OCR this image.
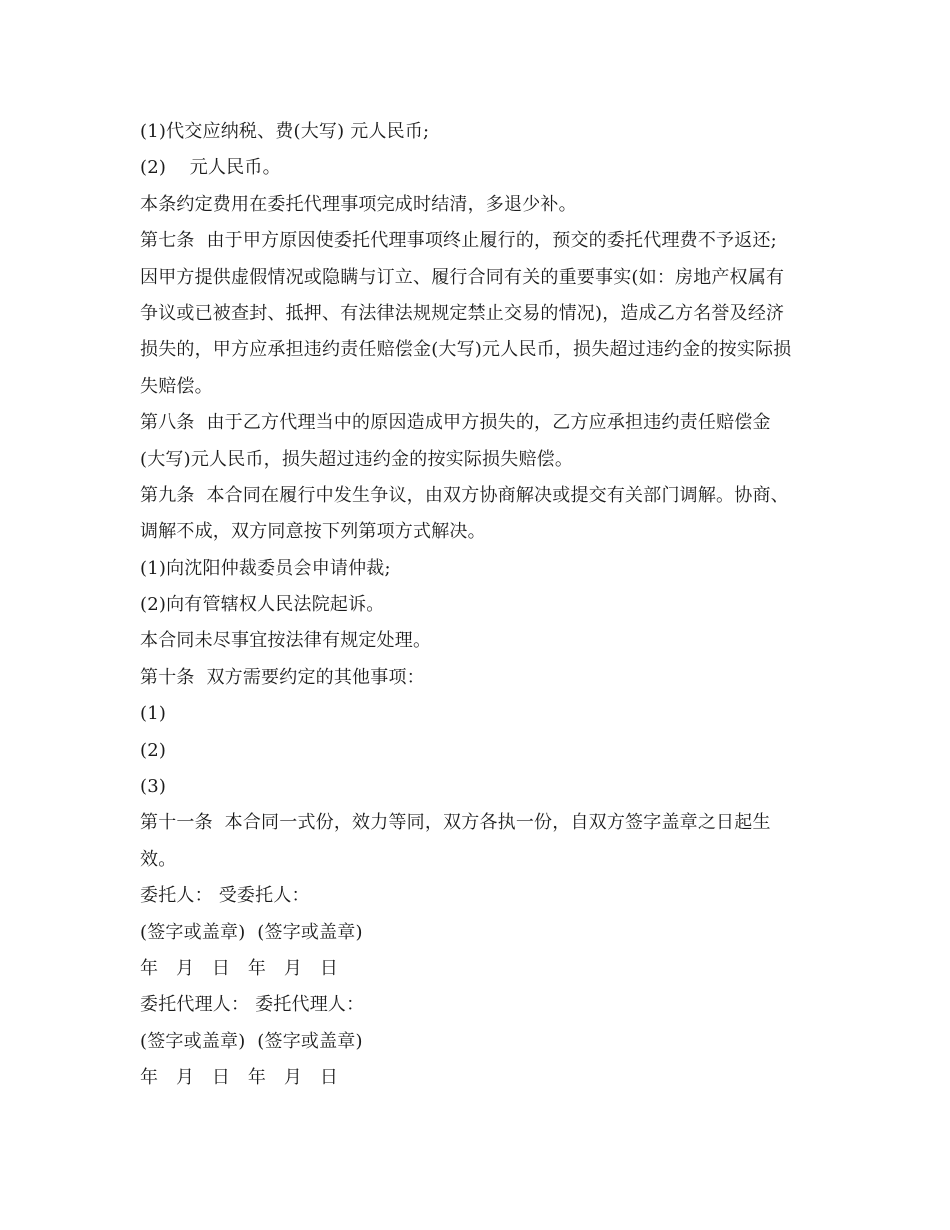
(1)代交应纳税、费(大写) 元人民币;
(2)    元人民币。
本条约定费用在委托代理事项完成时结清，多退少补。
第七条  由于甲方原因使委托代理事项终止履行的，预交的委托代理费不予返还;
因甲方提供虚假情况或隐瞒与订立、履行合同有关的重要事实(如：房地产权属有
争议或已被查封、抵押、有法律法规规定禁止交易的情况)，造成乙方名誉及经济
损失的，甲方应承担违约责任赔偿金(大写)元人民币，损失超过违约金的按实际损
失赔偿。
第八条  由于乙方代理当中的原因造成甲方损失的，乙方应承担违约责任赔偿金
(大写)元人民币，损失超过违约金的按实际损失赔偿。
第九条  本合同在履行中发生争议，由双方协商解决或提交有关部门调解。协商、
调解不成，双方同意按下列第项方式解决。
(1)向沈阳仲裁委员会申请仲裁;
(2)向有管辖权人民法院起诉。
本合同未尽事宜按法律有规定处理。
第十条  双方需要约定的其他事项：
(1)
(2)
(3)
第十一条  本合同一式份，效力等同，双方各执一份，自双方签字盖章之日起生
效。
委托人： 受委托人：
(签字或盖章)  (签字或盖章)
年   月   日   年   月   日
委托代理人： 委托代理人：
(签字或盖章)  (签字或盖章)
年   月   日   年   月   日
